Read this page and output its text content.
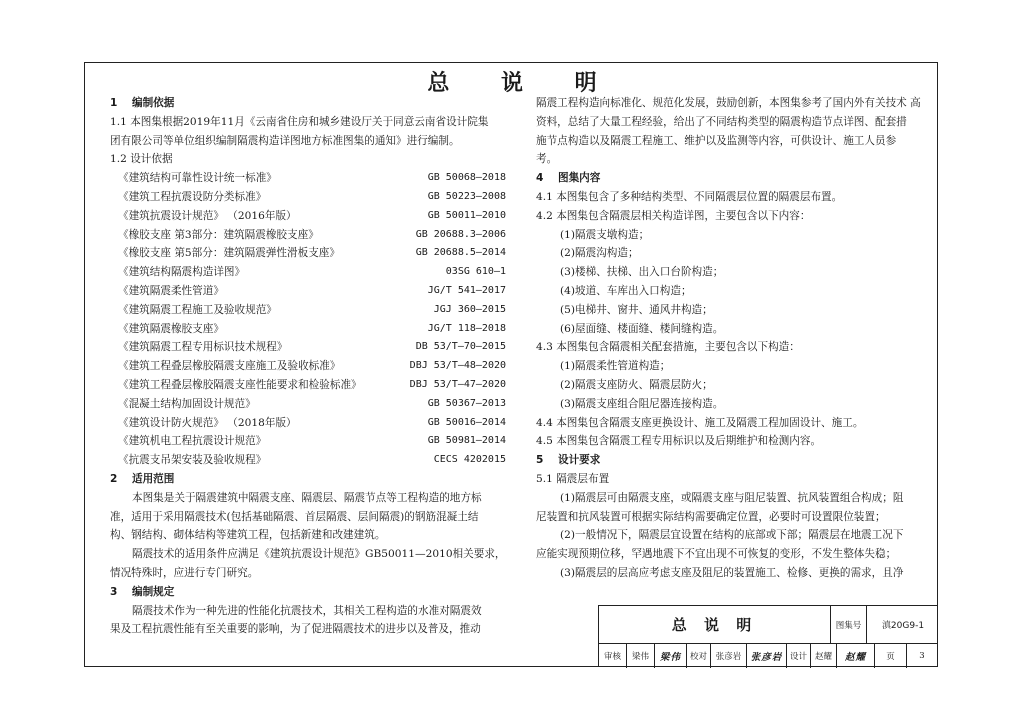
总 说 明
1 编制依据
1.1 本图集根据2019年11月《云南省住房和城乡建设厅关于同意云南省设计院集
团有限公司等单位组织编制隔震构造详图地方标准图集的通知》进行编制。
1.2 设计依据
《建筑结构可靠性设计统一标准》	GB 50068—2018
《建筑工程抗震设防分类标准》	GB 50223—2008
《建筑抗震设计规范》 （2016年版）	GB 50011—2010
《橡胶支座 第3部分：建筑隔震橡胶支座》	GB 20688.3—2006
《橡胶支座 第5部分：建筑隔震弹性滑板支座》	GB 20688.5—2014
《建筑结构隔震构造详图》	03SG 610—1
《建筑隔震柔性管道》	JG/T 541—2017
《建筑隔震工程施工及验收规范》	JGJ 360—2015
《建筑隔震橡胶支座》	JG/T 118—2018
《建筑隔震工程专用标识技术规程》	DB 53/T—70—2015
《建筑工程叠层橡胶隔震支座施工及验收标准》	DBJ 53/T—48—2020
《建筑工程叠层橡胶隔震支座性能要求和检验标准》	DBJ 53/T—47—2020
《混凝土结构加固设计规范》	GB 50367—2013
《建筑设计防火规范》 （2018年版）	GB 50016—2014
《建筑机电工程抗震设计规范》	GB 50981—2014
《抗震支吊架安装及验收规程》	CECS 4202015
2 适用范围
本图集是关于隔震建筑中隔震支座、隔震层、隔震节点等工程构造的地方标
准，适用于采用隔震技术(包括基础隔震、首层隔震、层间隔震)的钢筋混凝土结
构、钢结构、砌体结构等建筑工程，包括新建和改建建筑。
隔震技术的适用条件应满足《建筑抗震设计规范》GB50011—2010相关要求，
情况特殊时，应进行专门研究。
3 编制规定
隔震技术作为一种先进的性能化抗震技术，其相关工程构造的水准对隔震效
果及工程抗震性能有至关重要的影响，为了促进隔震技术的进步以及普及，推动
隔震工程构造向标准化、规范化发展，鼓励创新，本图集参考了国内外有关技术 高
资料，总结了大量工程经验，给出了不同结构类型的隔震构造节点详图、配套措
施节点构造以及隔震工程施工、维护以及监测等内容，可供设计、施工人员参
考。
4 图集内容
4.1 本图集包含了多种结构类型、不同隔震层位置的隔震层布置。
4.2 本图集包含隔震层相关构造详图，主要包含以下内容：
(1)隔震支墩构造；
(2)隔震沟构造；
(3)楼梯、扶梯、出入口台阶构造；
(4)坡道、车库出入口构造；
(5)电梯井、窗井、通风井构造；
(6)屋面缝、楼面缝、楼间缝构造。
4.3 本图集包含隔震相关配套措施，主要包含以下构造：
(1)隔震柔性管道构造；
(2)隔震支座防火、隔震层防火；
(3)隔震支座组合阻尼器连接构造。
4.4 本图集包含隔震支座更换设计、施工及隔震工程加固设计、施工。
4.5 本图集包含隔震工程专用标识以及后期维护和检测内容。
5 设计要求
5.1 隔震层布置
(1)隔震层可由隔震支座，或隔震支座与阻尼装置、抗风装置组合构成；阻
尼装置和抗风装置可根据实际结构需要确定位置，必要时可设置限位装置；
(2)一般情况下，隔震层宜设置在结构的底部或下部；隔震层在地震工况下
应能实现预期位移，罕遇地震下不宜出现不可恢复的变形，不发生整体失稳；
(3)隔震层的层高应考虑支座及阻尼的装置施工、检修、更换的需求，且净
总 说 明	图集号	滇20G9-1
审核	梁伟	梁伟	校对	张彦岩 张彦岩 设计 赵耀	赵耀	页	3
